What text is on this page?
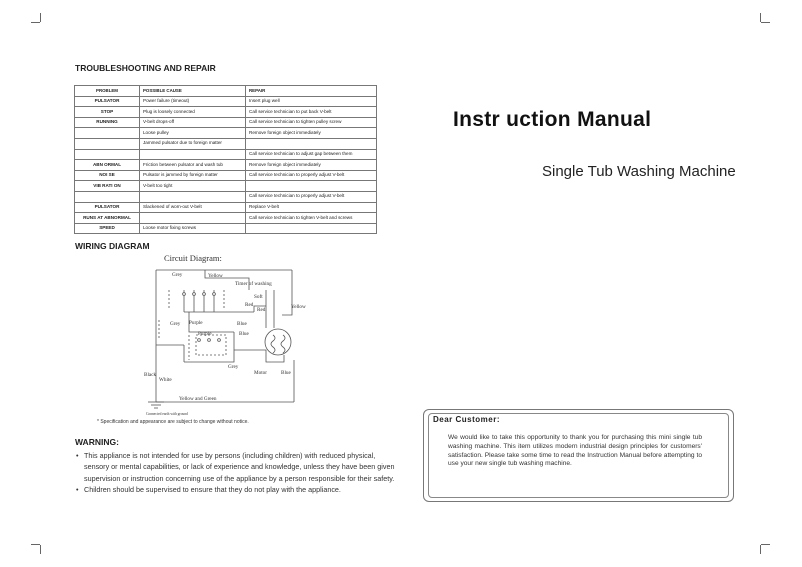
TROUBLESHOOTING AND REPAIR
PROBLEM	POSSIBLE CAUSE	REPAIR
PULSATOR	Power failure (timeout)	Insert plug well
STOP	Plug is loosely connected	Call service technician to put back V-belt
RUNNING	V-belt drops-off	Call service technician to tighten pulley screw
	Loose pulley	Remove foreign object immediately
	Jammed pulsator due to foreign matter	
		Call service technician to adjust gap between them
ABN ORMAL	Friction between pulsator and wash tub	Remove foreign object immediately
NOI SE	Pulsator is jammed by foreign matter	Call service technician to properly adjust V-belt
VIB RATI ON	V-belt too tight	
		Call service technician to properly adjust V-belt
PULSATOR	Slackened of worn-out V-belt	Replace V-belt
RUNS AT ABNORMAL		Call service technician to tighten V-belt and screws
SPEED	Loose motor fixing screws	
WIRING DIAGRAM
Circuit Diagram:
Grey	Yellow
Timer of washing
Soft
Red
Red	Yellow
Grey Purple	Blue
Purple	Blue
Grey
Motor	Blue
Black
White
Yellow and Green
Connected earth with ground
* Specification and appearance are subject to change without notice.
WARNING:

• This appliance is not intended for use by persons (including children) with reduced physical, sensory or mental capabilities, or lack of experience and knowledge, unless they have been given supervision or instruction concerning use of the appliance by a person responsible for their safety.

• Children should be supervised to ensure that they do not play with the appliance.

Instr uction Manual
Single Tub Washing Machine
Dear Customer:
We would like to take this opportunity to thank you for purchasing this mini single tub washing machine. This item utilizes modern industrial design principles for customers' satisfaction. Please take some time to read the Instruction Manual before attempting to use your new single tub washing machine.
